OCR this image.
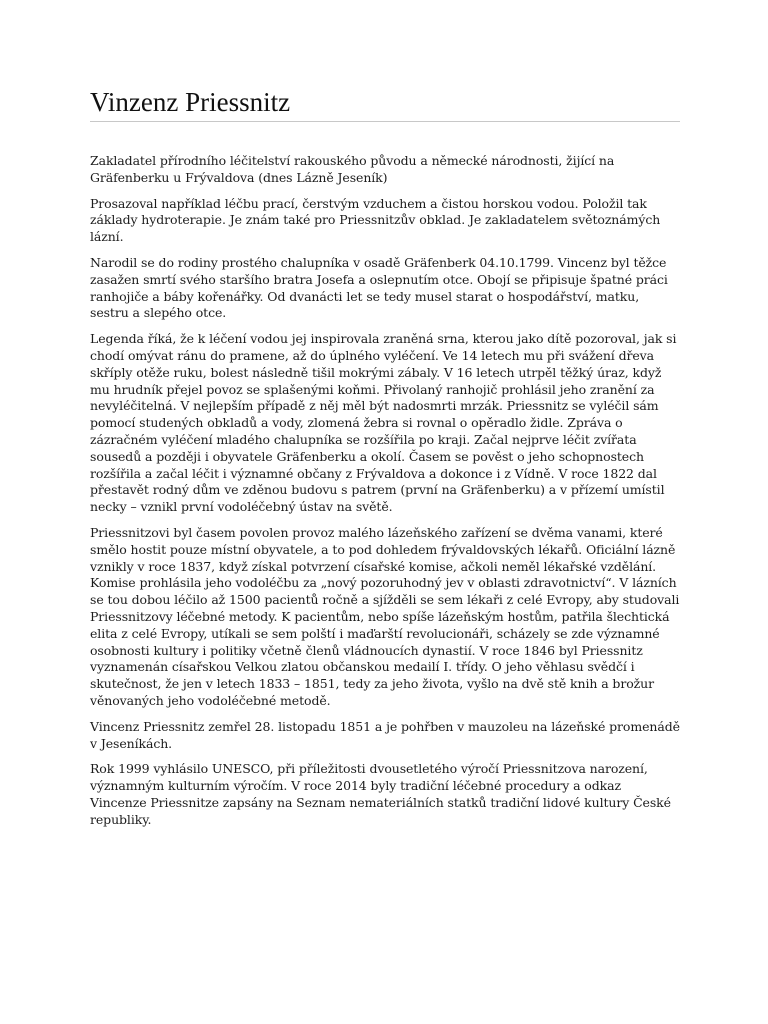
Vinzenz Priessnitz

Zakladatel přírodního léčitelství rakouského původu a německé národnosti, žijící na Gräfenberku u Frývaldova (dnes Lázně Jeseník)

Prosazoval například léčbu prací, čerstvým vzduchem a čistou horskou vodou. Položil tak základy hydroterapie. Je znám také pro Priessnitzův obklad. Je zakladatelem světoznámých lázní.

Narodil se do rodiny prostého chalupníka v osadě Gräfenberk 04.10.1799. Vincenz byl těžce zasažen smrtí svého staršího bratra Josefa a oslepnutím otce. Obojí se připisuje špatné práci ranhojiče a báby kořenářky. Od dvanácti let se tedy musel starat o hospodářství, matku, sestru a slepého otce.

Legenda říká, že k léčení vodou jej inspirovala zraněná srna, kterou jako dítě pozoroval, jak si chodí omývat ránu do pramene, až do úplného vyléčení. Ve 14 letech mu při svážení dřeva skříply otěže ruku, bolest následně tišil mokrými zábaly. V 16 letech utrpěl těžký úraz, když mu hrudník přejel povoz se splašenými koňmi. Přivolaný ranhojič prohlásil jeho zranění za nevyléčitelná. V nejlepším případě z něj měl být nadosmrti mrzák. Priessnitz se vyléčil sám pomocí studených obkladů a vody, zlomená žebra si rovnal o opěradlo židle. Zpráva o zázračném vyléčení mladého chalupníka se rozšířila po kraji. Začal nejprve léčit zvířata sousedů a později i obyvatele Gräfenberku a okolí. Časem se pověst o jeho schopnostech rozšířila a začal léčit i významné občany z Frývaldova a dokonce i z Vídně. V roce 1822 dal přestavět rodný dům ve zděnou budovu s patrem (první na Gräfenberku) a v přízemí umístil necky – vznikl první vodoléčebný ústav na světě.

Priessnitzovi byl časem povolen provoz malého lázeňského zařízení se dvěma vanami, které smělo hostit pouze místní obyvatele, a to pod dohledem frývaldovských lékařů. Oficiální lázně vznikly v roce 1837, když získal potvrzení císařské komise, ačkoli neměl lékařské vzdělání. Komise prohlásila jeho vodoléčbu za „nový pozoruhodný jev v oblasti zdravotnictví“. V lázních se tou dobou léčilo až 1500 pacientů ročně a sjížděli se sem lékaři z celé Evropy, aby studovali Priessnitzovy léčebné metody. K pacientům, nebo spíše lázeňským hostům, patřila šlechtická elita z celé Evropy, utíkali se sem polští i maďarští revolucionáři, scházely se zde významné osobnosti kultury i politiky včetně členů vládnoucích dynastií. V roce 1846 byl Priessnitz vyznamenán císařskou Velkou zlatou občanskou medailí I. třídy. O jeho věhlasu svědčí i skutečnost, že jen v letech 1833 – 1851, tedy za jeho života, vyšlo na dvě stě knih a brožur věnovaných jeho vodoléčebné metodě.

Vincenz Priessnitz zemřel 28. listopadu 1851 a je pohřben v mauzoleu na lázeňské promenádě v Jeseníkách.

Rok 1999 vyhlásilo UNESCO, při příležitosti dvousetletého výročí Priessnitzova narození, významným kulturním výročím. V roce 2014 byly tradiční léčebné procedury a odkaz Vincenze Priessnitze zapsány na Seznam nemateriálních statků tradiční lidové kultury České republiky.
